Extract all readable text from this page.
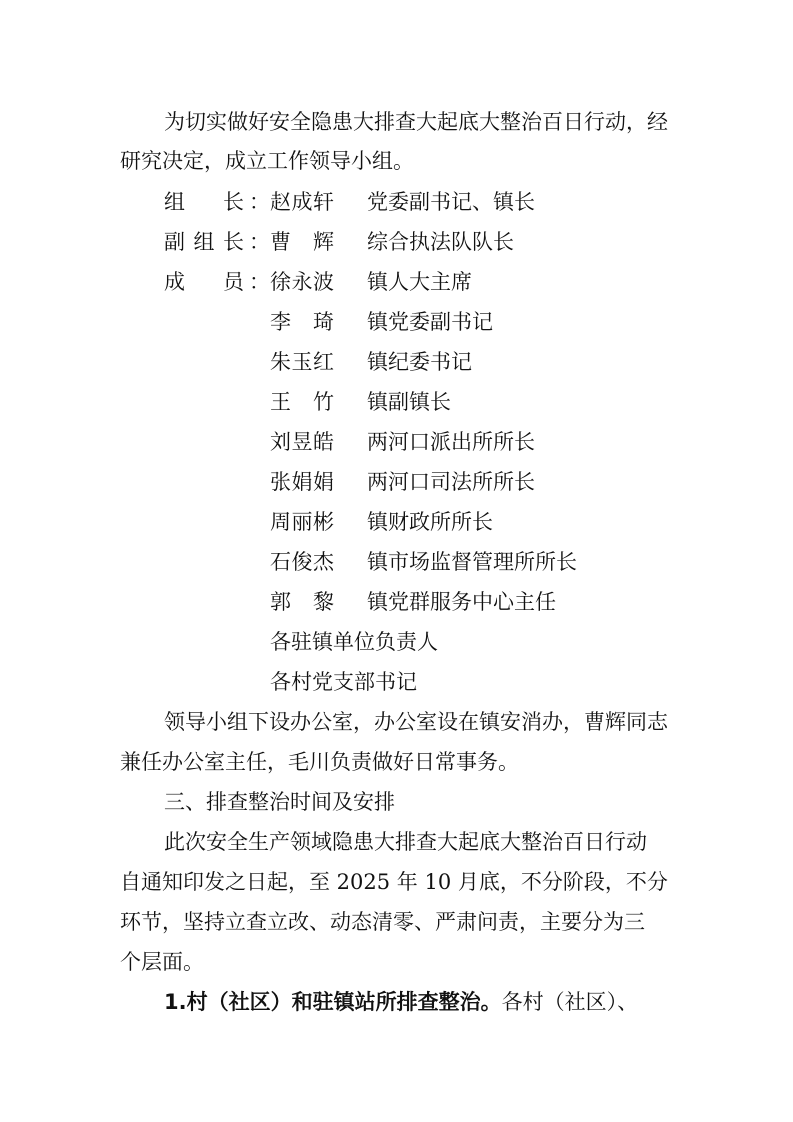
为切实做好安全隐患大排查大起底大整治百日行动，经
研究决定，成立工作领导小组。
组长 ： 赵成轩 党委副书记、镇长
副组长 ： 曹辉 综合执法队队长
成员 ： 徐永波 镇人大主席
李琦 镇党委副书记
朱玉红 镇纪委书记
王竹 镇副镇长
刘昱皓 两河口派出所所长
张娟娟 两河口司法所所长
周丽彬 镇财政所所长
石俊杰 镇市场监督管理所所长
郭黎 镇党群服务中心主任
各驻镇单位负责人
各村党支部书记
领导小组下设办公室，办公室设在镇安消办，曹辉同志
兼任办公室主任，毛川负责做好日常事务。
三、排查整治时间及安排
此次安全生产领域隐患大排查大起底大整治百日行动
自通知印发之日起，至 2025 年 10 月底，不分阶段，不分
环节，坚持立查立改、动态清零、严肃问责，主要分为三
个层面。
1.村（社区）和驻镇站所排查整治。各村（社区）、
